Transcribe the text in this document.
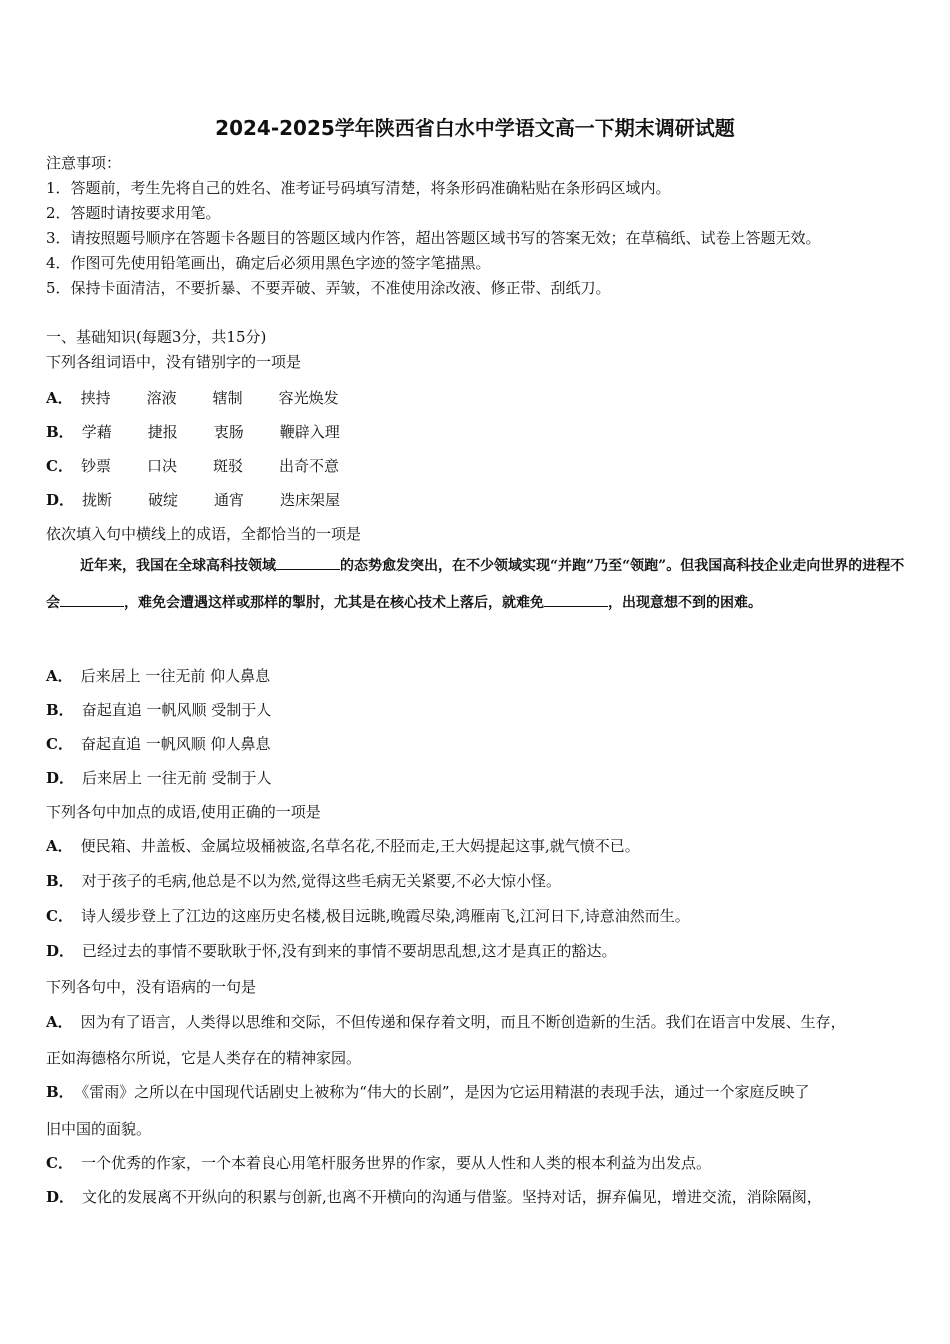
2024-2025学年陕西省白水中学语文高一下期末调研试题
注意事项：
1．答题前，考生先将自己的姓名、准考证号码填写清楚，将条形码准确粘贴在条形码区域内。
2．答题时请按要求用笔。
3．请按照题号顺序在答题卡各题目的答题区域内作答，超出答题区域书写的答案无效；在草稿纸、试卷上答题无效。
4．作图可先使用铅笔画出，确定后必须用黑色字迹的签字笔描黑。
5．保持卡面清洁，不要折暴、不要弄破、弄皱，不准使用涂改液、修正带、刮纸刀。
一、基础知识(每题3分，共15分)
下列各组词语中，没有错别字的一项是
A． 挟持 溶液 辖制 容光焕发
B． 学藉 捷报 衷肠 鞭辟入理
C． 钞票 口决 斑驳 出奇不意
D． 拢断 破绽 通宵 迭床架屋
依次填入句中横线上的成语，全都恰当的一项是
近年来，我国在全球高科技领域	的态势愈发突出，在不少领域实现“并跑”乃至“领跑”。但我国高科技企业走向世界的进程不会	，难免会遭遇这样或那样的掣肘，尤其是在核心技术上落后，就难免	，出现意想不到的困难。
A． 后来居上 一往无前 仰人鼻息
B． 奋起直追 一帆风顺 受制于人
C． 奋起直追 一帆风顺 仰人鼻息
D． 后来居上 一往无前 受制于人
下列各句中加点的成语,使用正确的一项是
A． 便民箱、井盖板、金属垃圾桶被盗,名草名花,不胫而走,王大妈提起这事,就气愤不已。
B． 对于孩子的毛病,他总是不以为然,觉得这些毛病无关紧要,不必大惊小怪。
C． 诗人缓步登上了江边的这座历史名楼,极目远眺,晚霞尽染,鸿雁南飞,江河日下,诗意油然而生。
D． 已经过去的事情不要耿耿于怀,没有到来的事情不要胡思乱想,这才是真正的豁达。
下列各句中，没有语病的一句是
A． 因为有了语言，人类得以思维和交际，不但传递和保存着文明，而且不断创造新的生活。我们在语言中发展、生存，
正如海德格尔所说，它是人类存在的精神家园。
B． 《雷雨》之所以在中国现代话剧史上被称为“伟大的长剧”，是因为它运用精湛的表现手法，通过一个家庭反映了
旧中国的面貌。
C． 一个优秀的作家，一个本着良心用笔杆服务世界的作家，要从人性和人类的根本利益为出发点。
D． 文化的发展离不开纵向的积累与创新,也离不开横向的沟通与借鉴。坚持对话，摒弃偏见，增进交流，消除隔阂，
